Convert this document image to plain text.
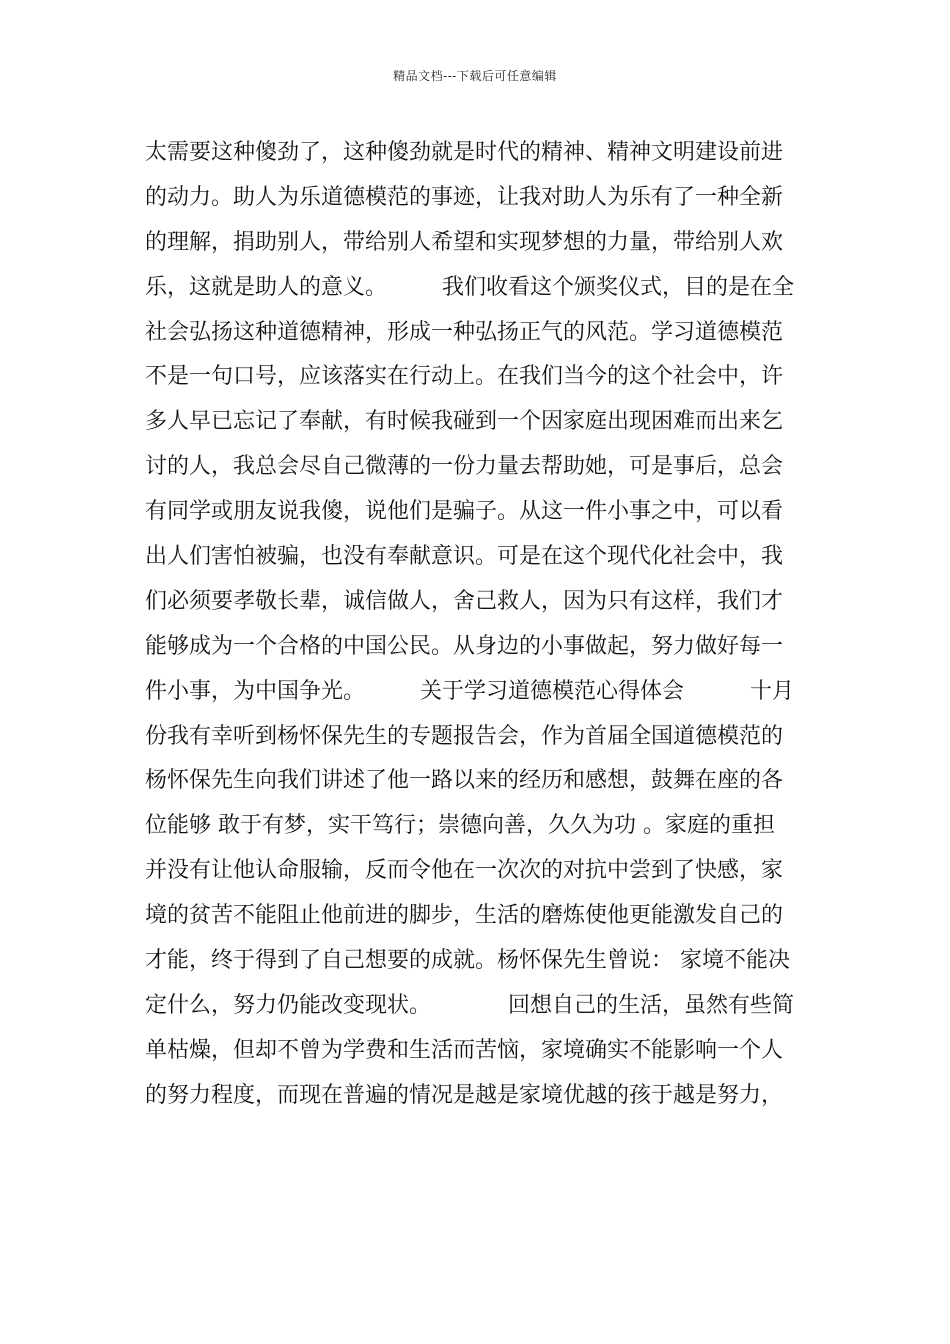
精品文档---下载后可任意编辑
太需要这种傻劲了，这种傻劲就是时代的精神、精神文明建设前进
的动力。助人为乐道德模范的事迹，让我对助人为乐有了一种全新
的理解，捐助别人，带给别人希望和实现梦想的力量，带给别人欢
乐，这就是助人的意义。　　　我们收看这个颁奖仪式，目的是在全
社会弘扬这种道德精神，形成一种弘扬正气的风范。学习道德模范
不是一句口号，应该落实在行动上。在我们当今的这个社会中，许
多人早已忘记了奉献，有时候我碰到一个因家庭出现困难而出来乞
讨的人，我总会尽自己微薄的一份力量去帮助她，可是事后，总会
有同学或朋友说我傻，说他们是骗子。从这一件小事之中，可以看
出人们害怕被骗，也没有奉献意识。可是在这个现代化社会中，我
们必须要孝敬长辈，诚信做人，舍己救人，因为只有这样，我们才
能够成为一个合格的中国公民。从身边的小事做起，努力做好每一
件小事，为中国争光。　　　关于学习道德模范心得体会　　　十月
份我有幸听到杨怀保先生的专题报告会，作为首届全国道德模范的
杨怀保先生向我们讲述了他一路以来的经历和感想，鼓舞在座的各
位能够 敢于有梦，实干笃行；崇德向善，久久为功 。家庭的重担
并没有让他认命服输，反而令他在一次次的对抗中尝到了快感，家
境的贫苦不能阻止他前进的脚步，生活的磨炼使他更能激发自己的
才能，终于得到了自己想要的成就。杨怀保先生曾说： 家境不能决
定什么，努力仍能改变现状。　　　　回想自己的生活，虽然有些简
单枯燥，但却不曾为学费和生活而苦恼，家境确实不能影响一个人
的努力程度，而现在普遍的情况是越是家境优越的孩于越是努力，
